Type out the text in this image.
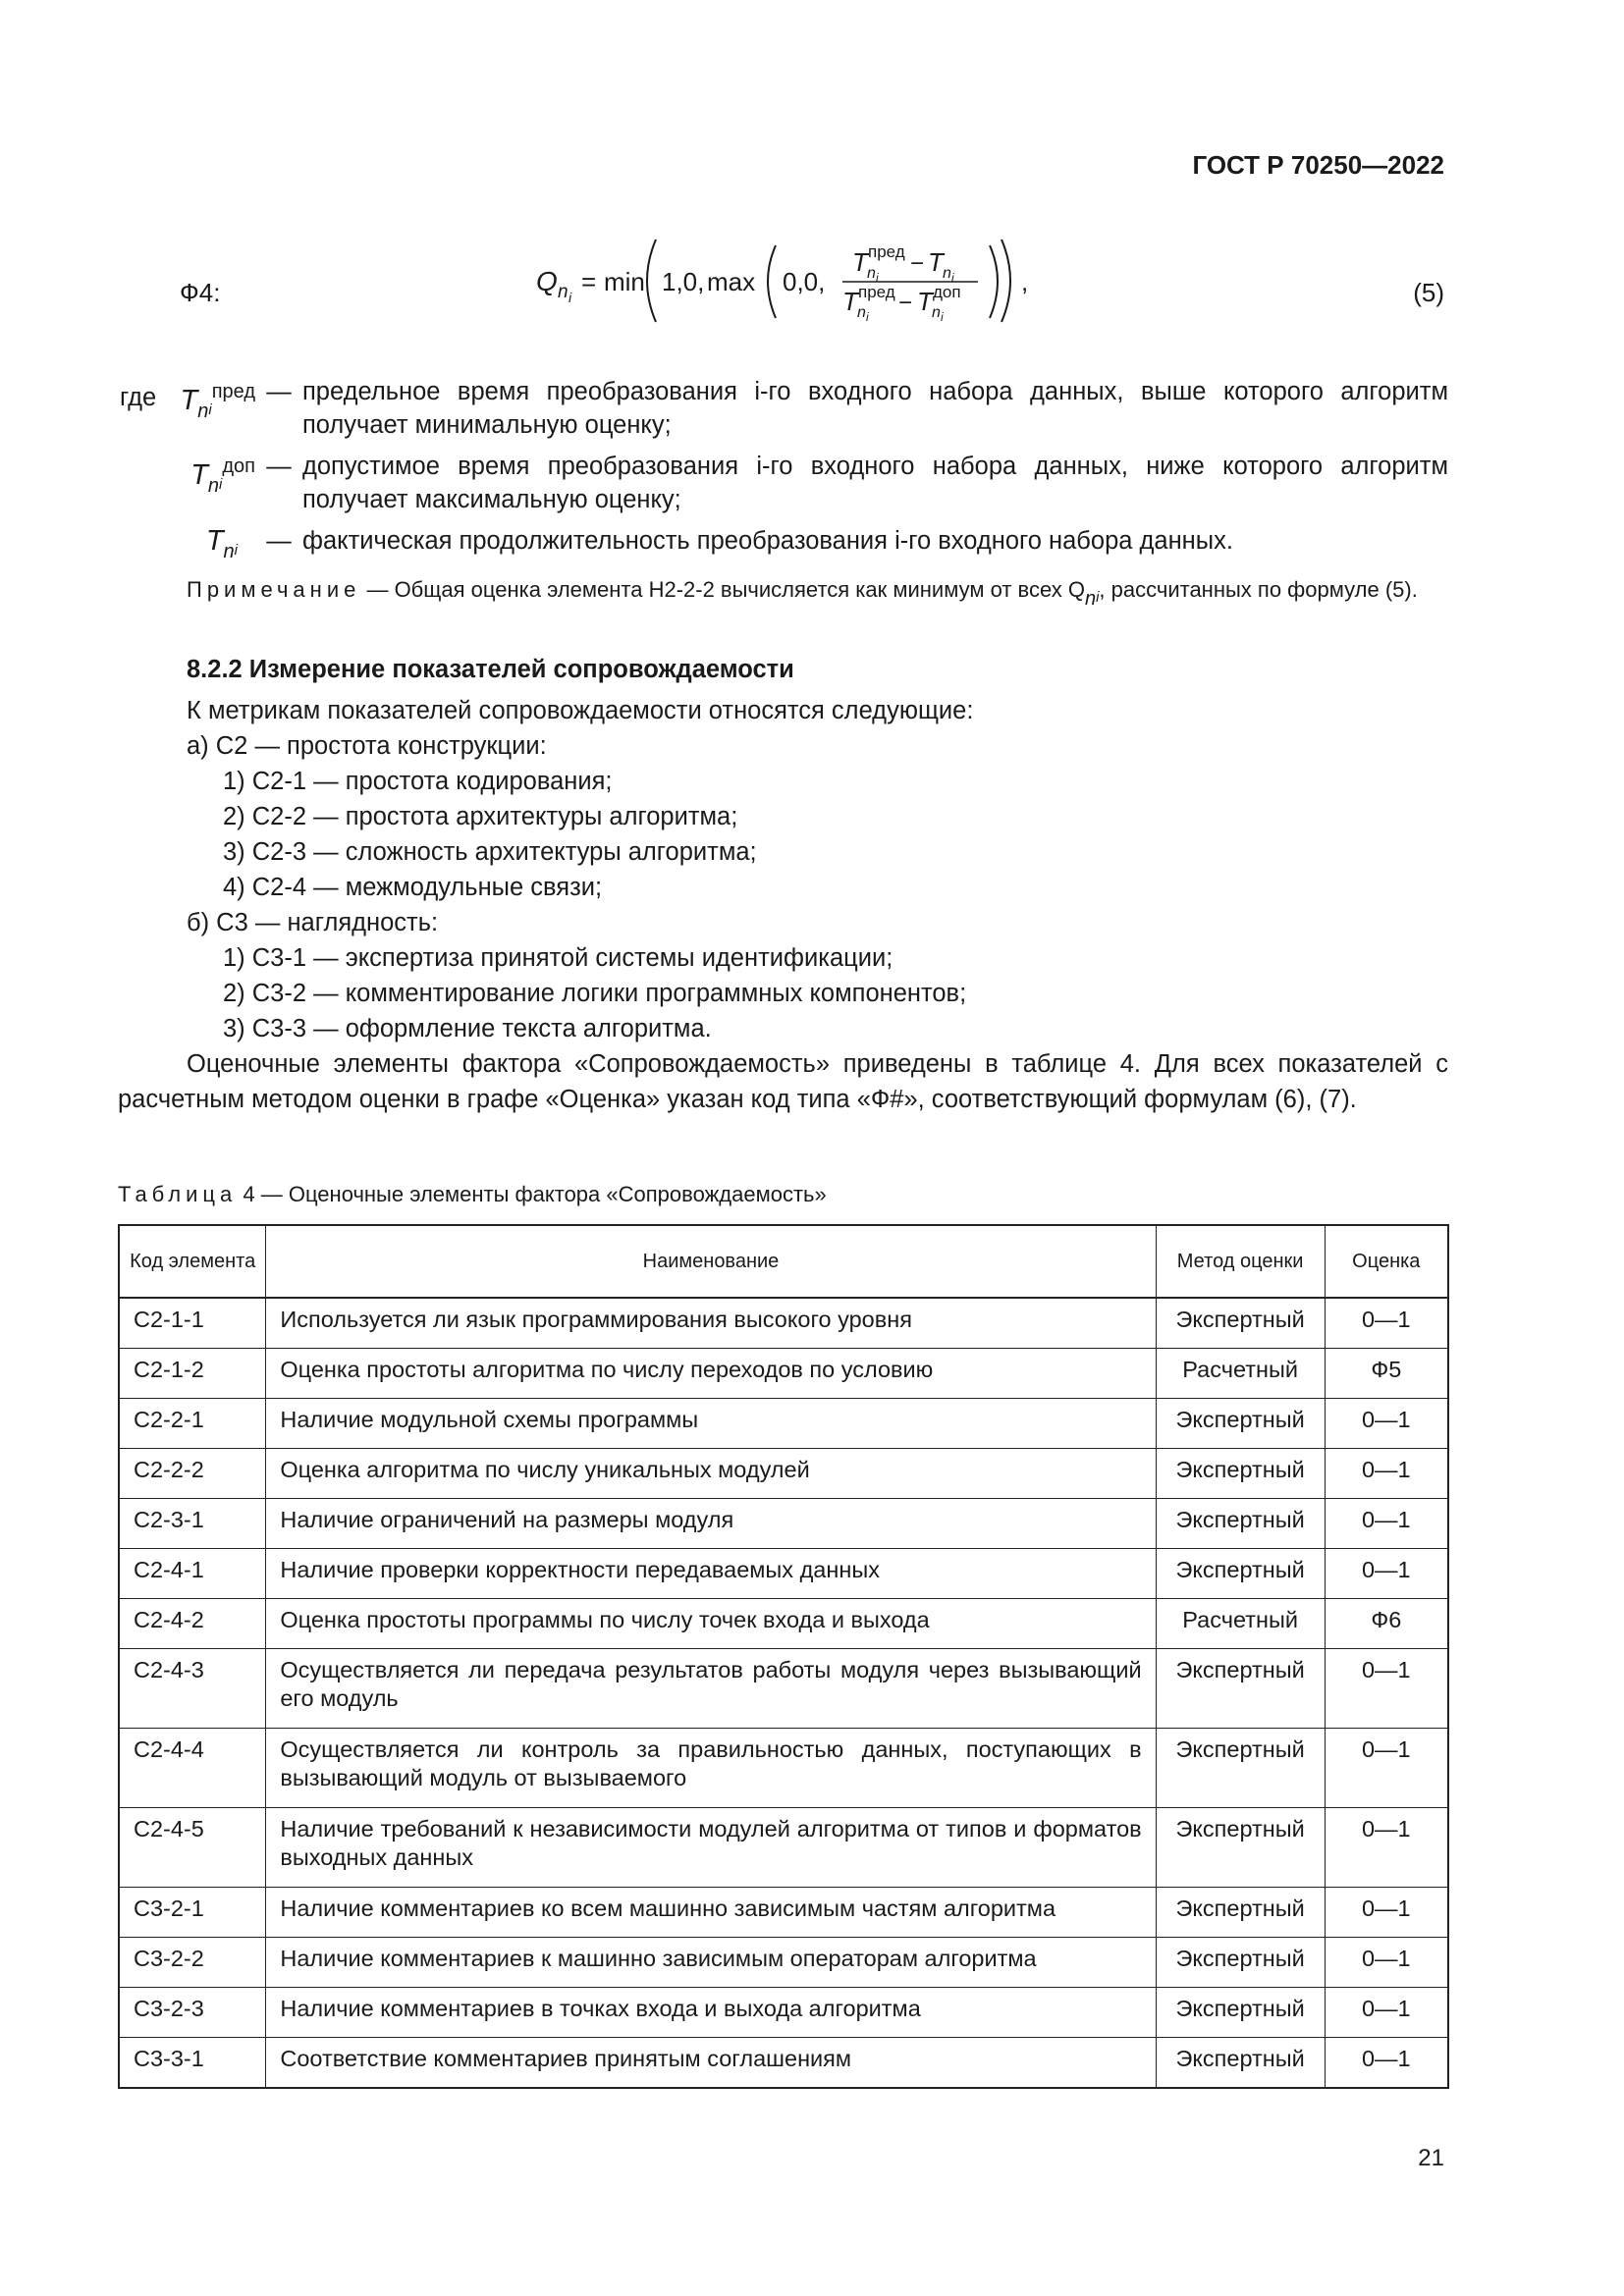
ГОСТ Р 70250—2022
Ф4:	Q n i
= min 1,0, max 0,0,
T пред
n i
− T n i
T пред
n i
− T доп
n i
,	(5)
где $T_ni^{пред}$ — предельное время преобразования i-го входного набора данных, выше которого алгоритм получает минимальную оценку;
$T_ni^{доп}$ — допустимое время преобразования i-го входного набора данных, ниже которого алгоритм получает максимальную оценку;
$T_ni$	— фактическая продолжительность преобразования i-го входного набора данных.
Примечание — Общая оценка элемента Н2-2-2 вычисляется как минимум от всех $Qn_i$, рассчитанных по формуле (5).
8.2.2 Измерение показателей сопровождаемости
К метрикам показателей сопровождаемости относятся следующие:
а) С2 — простота конструкции:
1) С2-1 — простота кодирования;
2) С2-2 — простота архитектуры алгоритма;
3) С2-3 — сложность архитектуры алгоритма;
4) С2-4 — межмодульные связи;
б) С3 — наглядность:
1) С3-1 — экспертиза принятой системы идентификации;
2) С3-2 — комментирование логики программных компонентов;
3) С3-3 — оформление текста алгоритма.
Оценочные элементы фактора «Сопровождаемость» приведены в таблице 4. Для всех показателей с расчетным методом оценки в графе «Оценка» указан код типа «Ф#», соответствующий формулам (6), (7).
Таблица 4 — Оценочные элементы фактора «Сопровождаемость»
Код элемента	Наименование	Метод оценки	Оценка
С2-1-1	Используется ли язык программирования высокого уровня	Экспертный	0—1
С2-1-2	Оценка простоты алгоритма по числу переходов по условию	Расчетный	Ф5
С2-2-1	Наличие модульной схемы программы	Экспертный	0—1
С2-2-2	Оценка алгоритма по числу уникальных модулей	Экспертный	0—1
С2-3-1	Наличие ограничений на размеры модуля	Экспертный	0—1
С2-4-1	Наличие проверки корректности передаваемых данных	Экспертный	0—1
С2-4-2	Оценка простоты программы по числу точек входа и выхода	Расчетный	Ф6
С2-4-3	Осуществляется ли передача результатов работы модуля через вызывающий его модуль	Экспертный	0—1
С2-4-4	Осуществляется ли контроль за правильностью данных, поступающих в вызывающий модуль от вызываемого	Экспертный	0—1
С2-4-5	Наличие требований к независимости модулей алгоритма от типов и форматов выходных данных	Экспертный	0—1
С3-2-1	Наличие комментариев ко всем машинно зависимым частям алгоритма	Экспертный	0—1
С3-2-2	Наличие комментариев к машинно зависимым операторам алгоритма	Экспертный	0—1
С3-2-3	Наличие комментариев в точках входа и выхода алгоритма	Экспертный	0—1
С3-3-1	Соответствие комментариев принятым соглашениям	Экспертный	0—1
21
